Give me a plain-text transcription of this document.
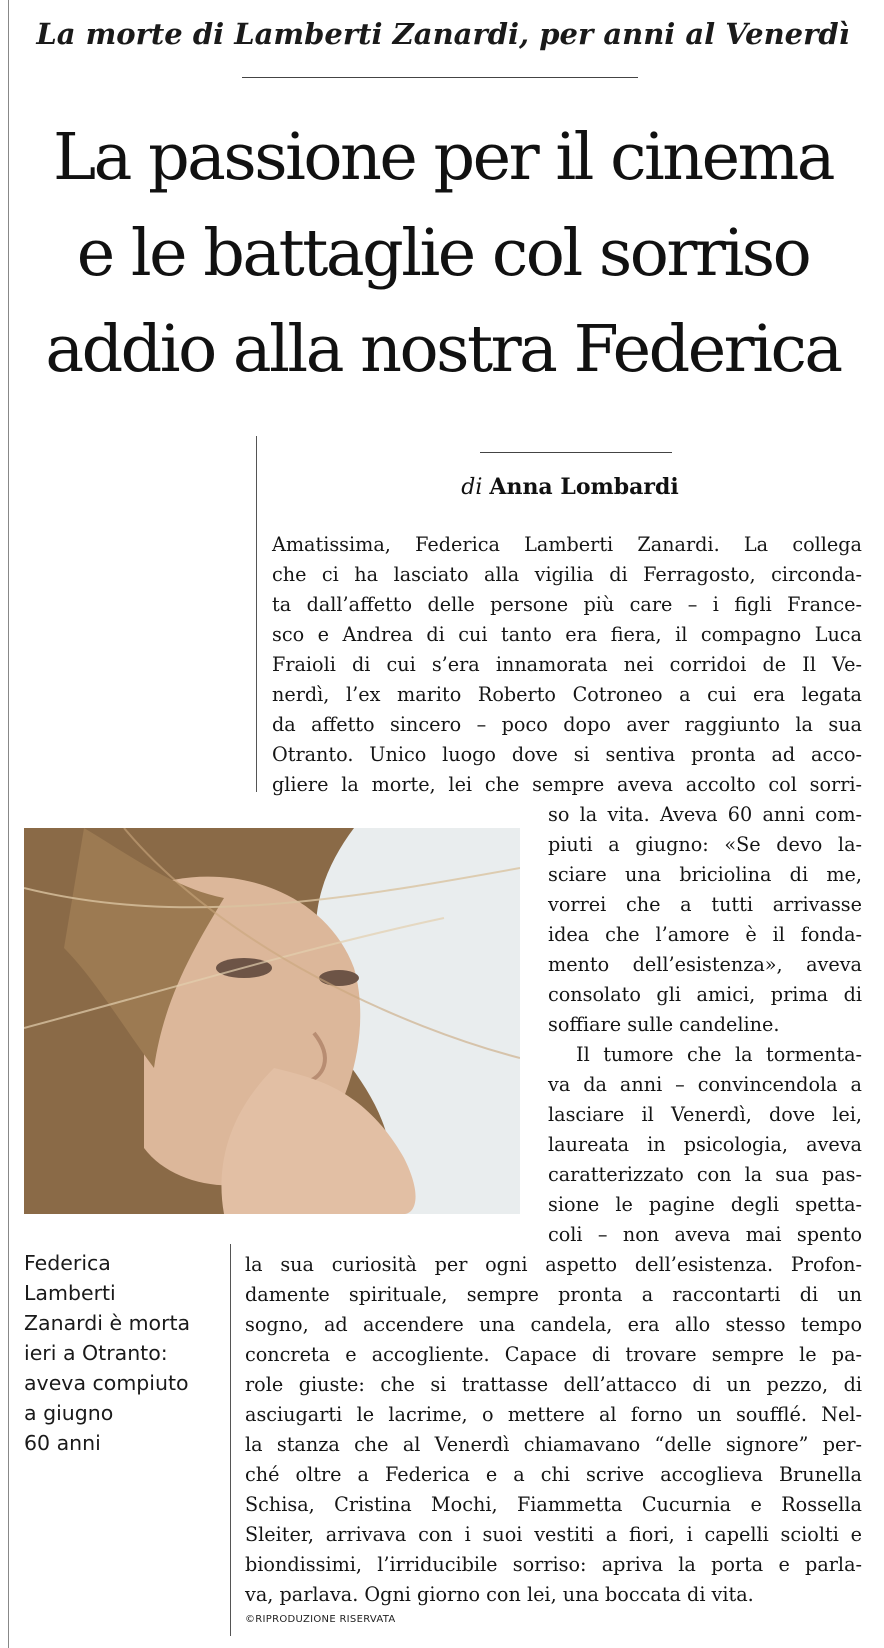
La morte di Lamberti Zanardi, per anni al Venerdì
La passione per il cinema
e le battaglie col sorriso
addio alla nostra Federica
di Anna Lombardi
Amatissima, Federica Lamberti Zanardi. La collega
che ci ha lasciato alla vigilia di Ferragosto, circonda-
ta dall’affetto delle persone più care – i figli France-
sco e Andrea di cui tanto era fiera, il compagno Luca
Fraioli di cui s’era innamorata nei corridoi de Il Ve-
nerdì, l’ex marito Roberto Cotroneo a cui era legata
da affetto sincero – poco dopo aver raggiunto la sua
Otranto. Unico luogo dove si sentiva pronta ad acco-
gliere la morte, lei che sempre aveva accolto col sorri-
so la vita. Aveva 60 anni com-
piuti a giugno: «Se devo la-
sciare una briciolina di me,
vorrei che a tutti arrivasse
idea che l’amore è il fonda-
mento dell’esistenza», aveva
consolato gli amici, prima di
soffiare sulle candeline.
Il tumore che la tormenta-
va da anni – convincendola a
lasciare il Venerdì, dove lei,
laureata in psicologia, aveva
caratterizzato con la sua pas-
sione le pagine degli spetta-
coli – non aveva mai spento
Federica
Lamberti
Zanardi è morta
ieri a Otranto:
aveva compiuto
a giugno
60 anni
la sua curiosità per ogni aspetto dell’esistenza. Profon-
damente spirituale, sempre pronta a raccontarti di un
sogno, ad accendere una candela, era allo stesso tempo
concreta e accogliente. Capace di trovare sempre le pa-
role giuste: che si trattasse dell’attacco di un pezzo, di
asciugarti le lacrime, o mettere al forno un soufflé. Nel-
la stanza che al Venerdì chiamavano “delle signore” per-
ché oltre a Federica e a chi scrive accoglieva Brunella
Schisa, Cristina Mochi, Fiammetta Cucurnia e Rossella
Sleiter, arrivava con i suoi vestiti a fiori, i capelli sciolti e
biondissimi, l’irriducibile sorriso: apriva la porta e parla-
va, parlava. Ogni giorno con lei, una boccata di vita.
©RIPRODUZIONE RISERVATA
